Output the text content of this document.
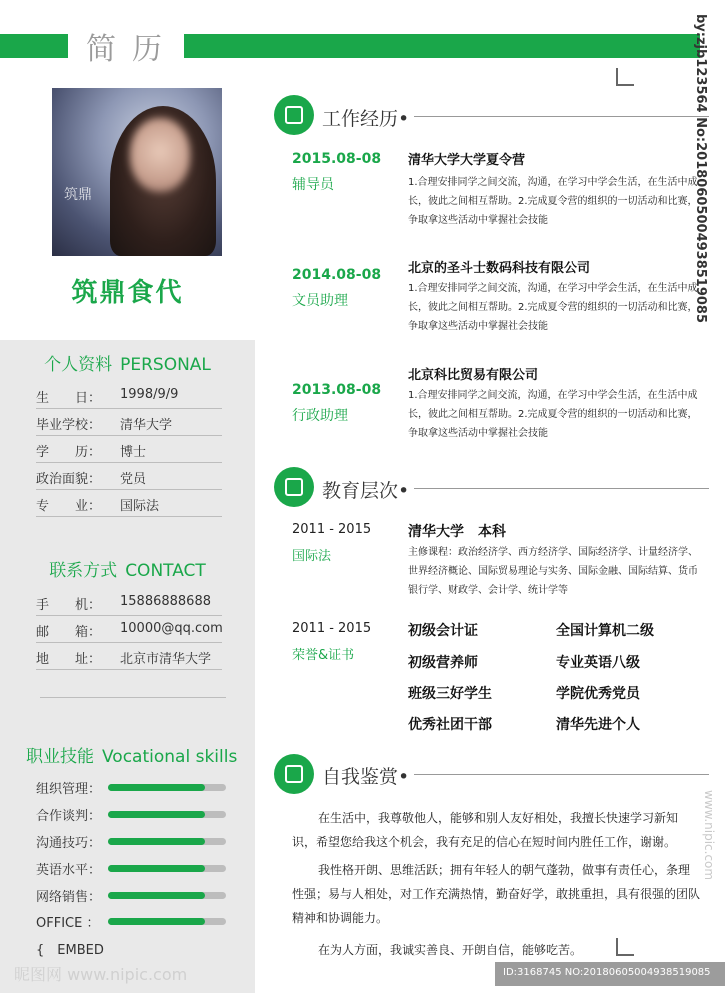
简历
筑鼎
筑鼎食代
个人资料 PERSONAL
生　　日： 1998/9/9
毕业学校： 清华大学
学　　历： 博士
政治面貌： 党员
专　　业： 国际法
联系方式 CONTACT
手　　机： 15886888688
邮　　箱： 10000@qq.com
地　　址： 北京市清华大学
职业技能 Vocational skills
组织管理：
合作谈判：
沟通技巧：
英语水平：
网络销售：
OFFICE ：
{　EMBED
工作经历•
2015.08-08
辅导员
清华大学大学夏令营
1.合理安排同学之间交流，沟通，在学习中学会生活，在生活中成长，彼此之间相互帮助。2.完成夏令营的组织的一切活动和比赛，争取拿这些活动中掌握社会技能
2014.08-08
文员助理
北京的圣斗士数码科技有限公司
1.合理安排同学之间交流，沟通，在学习中学会生活，在生活中成长，彼此之间相互帮助。2.完成夏令营的组织的一切活动和比赛，争取拿这些活动中掌握社会技能
2013.08-08
行政助理
北京科比贸易有限公司
1.合理安排同学之间交流，沟通，在学习中学会生活，在生活中成长，彼此之间相互帮助。2.完成夏令营的组织的一切活动和比赛，争取拿这些活动中掌握社会技能
教育层次•
2011 - 2015
国际法
清华大学　本科
主修课程：政治经济学、西方经济学、国际经济学、计量经济学、世界经济概论、国际贸易理论与实务、国际金融、国际结算、货币银行学、财政学、会计学、统计学等
2011 - 2015
荣誉&证书
初级会计证	全国计算机二级
初级营养师	专业英语八级
班级三好学生	学院优秀党员
优秀社团干部	清华先进个人
自我鉴赏•
在生活中，我尊敬他人，能够和别人友好相处，我擅长快速学习新知识，希望您给我这个机会，我有充足的信心在短时间内胜任工作，谢谢。
我性格开朗、思维活跃；拥有年轻人的朝气蓬勃，做事有责任心，条理性强；易与人相处，对工作充满热情，勤奋好学，敢挑重担，具有很强的团队精神和协调能力。
在为人方面，我诚实善良、开朗自信，能够吃苦。
by:zjb123564 No:20180605004938519085
www.nipic.com
昵图网 www.nipic.com	ID:3168745 NO:20180605004938519085
